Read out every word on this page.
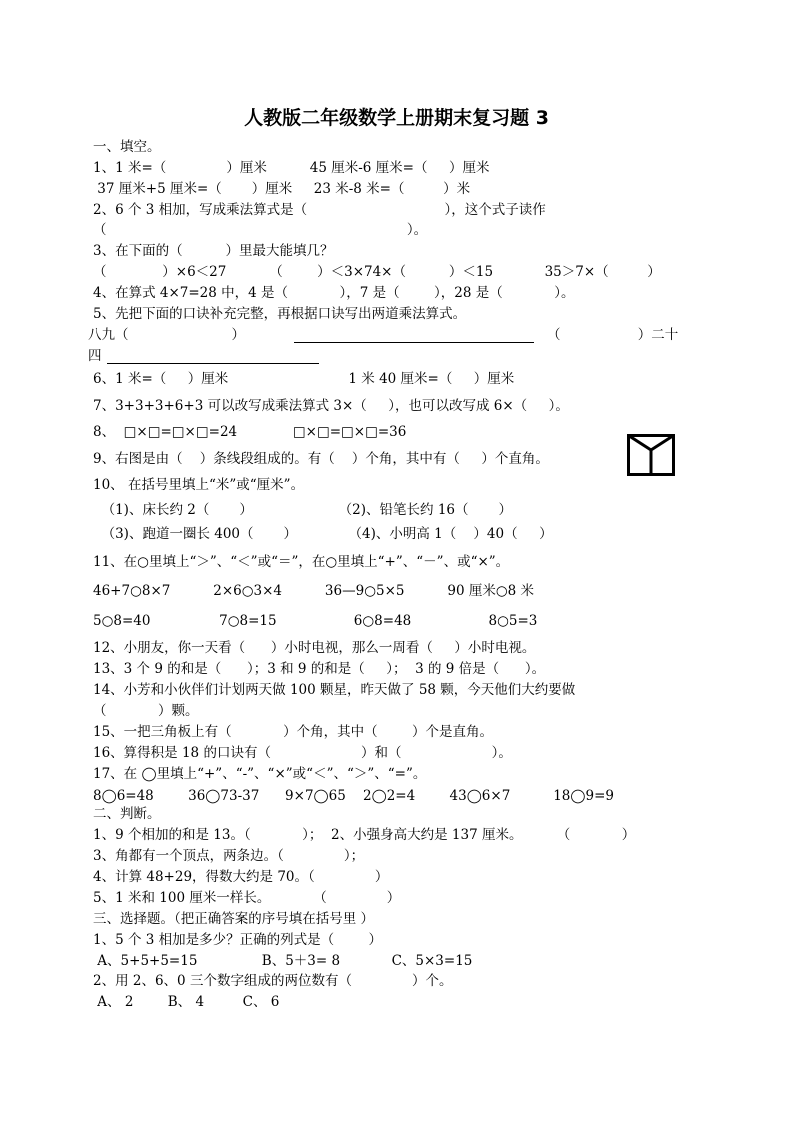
人教版二年级数学上册期末复习题 3
一、填空。
1、1 米=（              ）厘米          45 厘米-6 厘米=（     ）厘米
37 厘米+5 厘米=（       ）厘米     23 米-8 米=（         ）米
2、6 个 3 相加，写成乘法算式是（                                ），这个式子读作
（                                                                      ）。
3、在下面的（          ）里最大能填几？
（             ）×6＜27          （        ）＜3×74×（          ）＜15            35＞7×（         ）
4、在算式 4×7=28 中，4 是（            ），7 是（        ），28 是（            ）。
5、先把下面的口诀补充完整，再根据口诀写出两道乘法算式。
八九（                        ）	（                  ）二十
四
6、1 米=（     ）厘米                            1 米 40 厘米=（     ）厘米
7、3+3+3+6+3 可以改写成乘法算式 3×（     ），也可以改写成 6×（     ）。
8、  □×□=□×□=24             □×□=□×□=36
9、右图是由（    ）条线段组成的。有（    ）个角，其中有（     ）个直角。
10、 在括号里填上“米”或“厘米”。
（1)、床长约 2（       ）                    （2)、铅笔长约 16（       ）
（3)、跑道一圈长 400（       ）            （4)、小明高 1（    ）40（     ）
11、在○里填上“＞”、“＜”或“＝”，在○里填上“+”、“－”、或“×”。
46+7○8×7          2×6○3×4          36—9○5×5          90 厘米○8 米
5○8=40                7○8=15                  6○8=48                  8○5=3
12、小朋友，你一天看（      ）小时电视，那么一周看（     ）小时电视。
13、3 个 9 的和是（      ）；3 和 9 的和是（     ）；  3 的 9 倍是（      ）。
14、小芳和小伙伴们计划两天做 100 颗星，昨天做了 58 颗，今天他们大约要做
（            ）颗。
15、一把三角板上有（            ）个角，其中（        ）个是直角。
16、算得积是 18 的口诀有（                     ）和（                     ）。
17、在 ◯里填上“+”、“-”、“×”或“＜”、“＞”、“=”。
8◯6=48        36◯73-37      9×7◯65    2◯2=4        43◯6×7          18◯9=9
二、判断。
1、9 个相加的和是 13。（            ）；  2、小强身高大约是 137 厘米。        （            ）
3、角都有一个顶点，两条边。（              ）；
4、计算 48+29，得数大约是 70。（              ）
5、1 米和 100 厘米一样长。          （              ）
三、选择题。（把正确答案的序号填在括号里 ）
1、5 个 3 相加是多少？正确的列式是（        ）
A、5+5+5=15               B、5＋3= 8            C、5×3=15
2、用 2、6、0 三个数字组成的两位数有（              ）个。
A、 2        B、 4         C、 6
